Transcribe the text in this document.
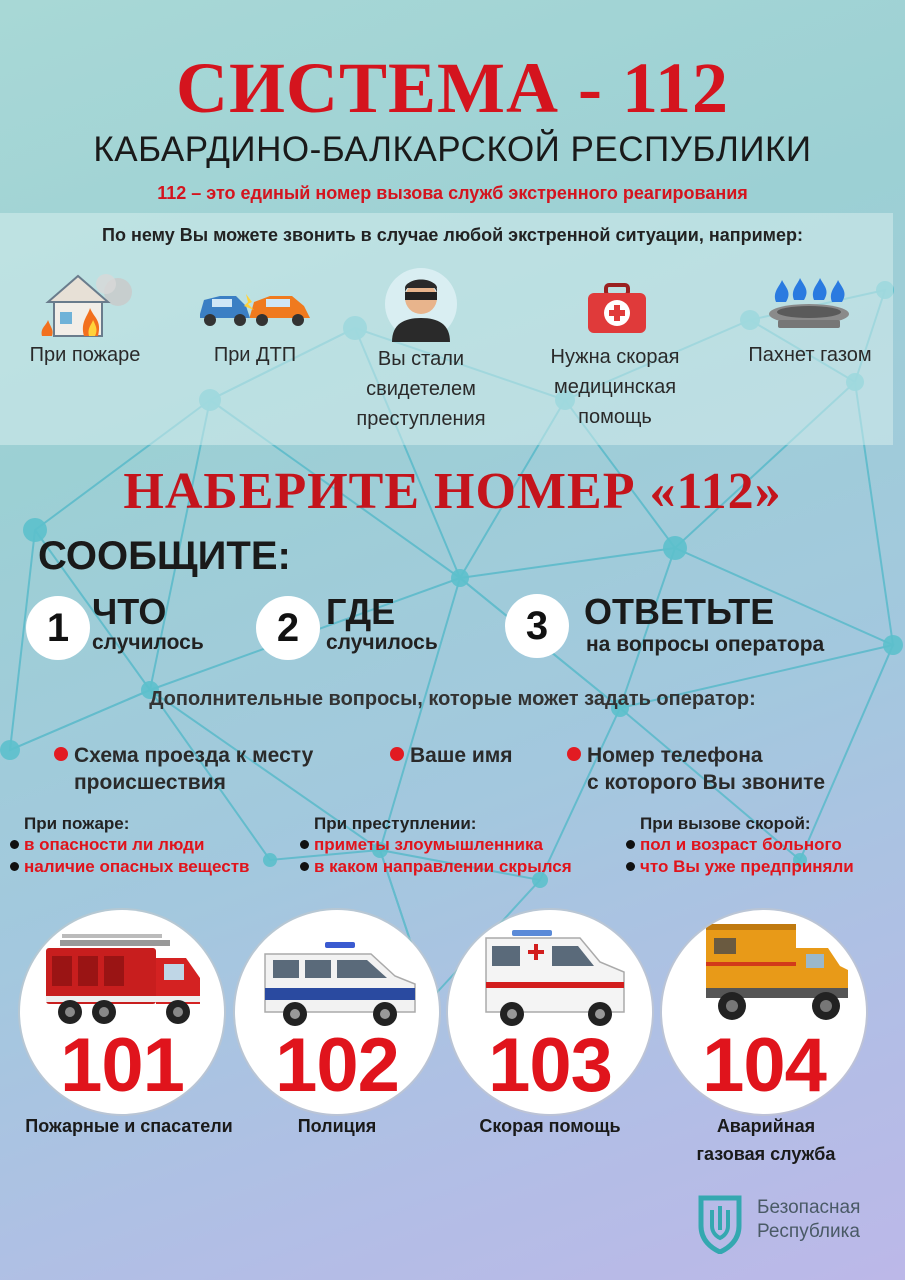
СИСТЕМА - 112
КАБАРДИНО-БАЛКАРСКОЙ РЕСПУБЛИКИ
112 – это единый номер вызова служб экстренного реагирования
По нему Вы можете звонить в случае любой экстренной ситуации, например:
При пожаре	При ДТП	Вы стали
свидетелем
преступления
Нужна скорая
медицинская
помощь
Пахнет газом
НАБЕРИТЕ НОМЕР «112»
СООБЩИТЕ:
1 ЧТО
случилось	2 ГДЕ
случилось	3 ОТВЕТЬТЕ
на вопросы оператора
Дополнительные вопросы, которые может задать оператор:
Схема проезда к месту
происшествия
Ваше имя	Номер телефона
с которого Вы звоните
При пожаре:
в опасности ли люди
наличие опасных веществ
При преступлении:
приметы злоумышленника
в каком направлении скрылся
При вызове скорой:
пол и возраст больного
что Вы уже предприняли
101
Пожарные и спасатели
102
Полиция
103
Скорая помощь
104
Аварийная
газовая служба
Безопасная
Республика
